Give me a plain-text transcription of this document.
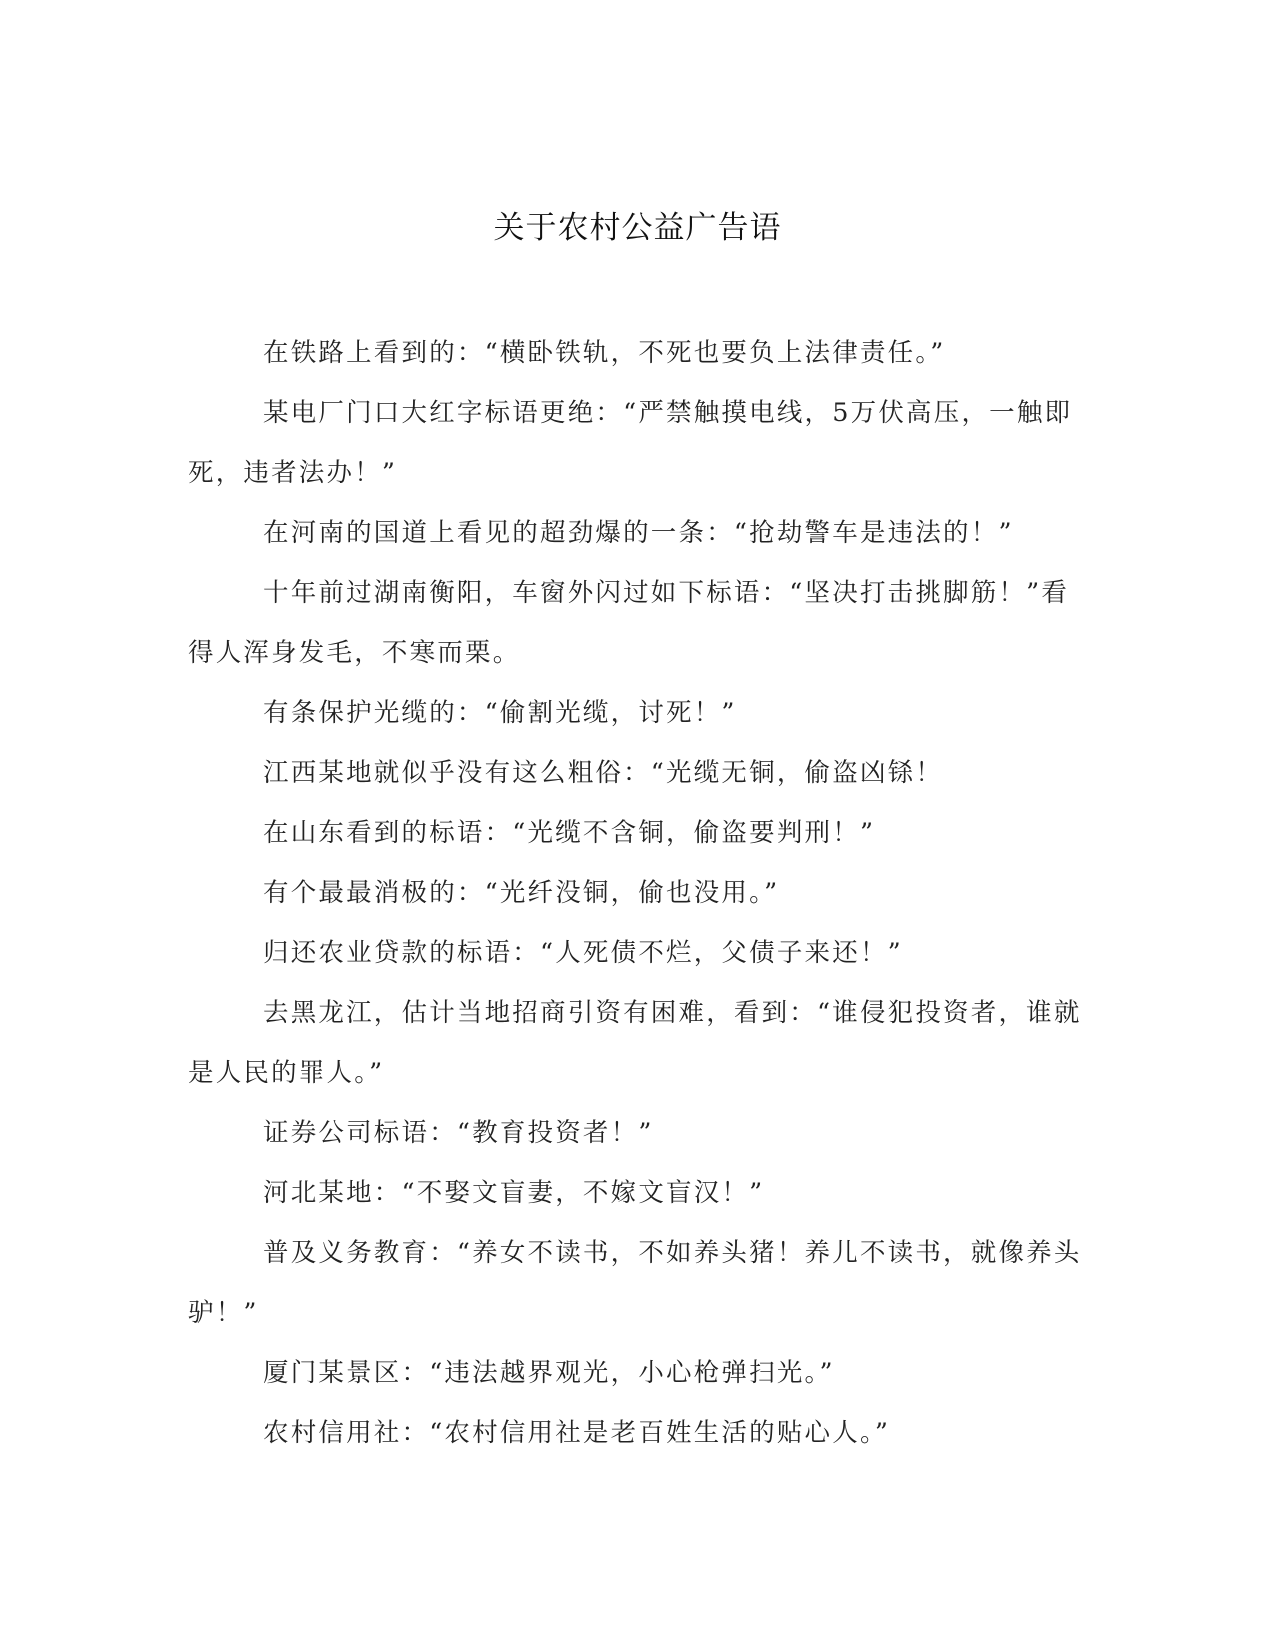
关于农村公益广告语

在铁路上看到的：“横卧铁轨，不死也要负上法律责任。”

某电厂门口大红字标语更绝：“严禁触摸电线，5万伏高压，一触即死，违者法办！”

在河南的国道上看见的超劲爆的一条：“抢劫警车是违法的！”

十年前过湖南衡阳，车窗外闪过如下标语：“坚决打击挑脚筋！”看得人浑身发毛，不寒而栗。

有条保护光缆的：“偷割光缆，讨死！”

江西某地就似乎没有这么粗俗：“光缆无铜，偷盗凶铩！

在山东看到的标语：“光缆不含铜，偷盗要判刑！”

有个最最消极的：“光纤没铜，偷也没用。”

归还农业贷款的标语：“人死债不烂，父债子来还！”

去黑龙江，估计当地招商引资有困难，看到：“谁侵犯投资者，谁就是人民的罪人。”

证券公司标语：“教育投资者！”

河北某地：“不娶文盲妻，不嫁文盲汉！”

普及义务教育：“养女不读书，不如养头猪！养儿不读书，就像养头驴！”

厦门某景区：“违法越界观光，小心枪弹扫光。”

农村信用社：“农村信用社是老百姓生活的贴心人。”
